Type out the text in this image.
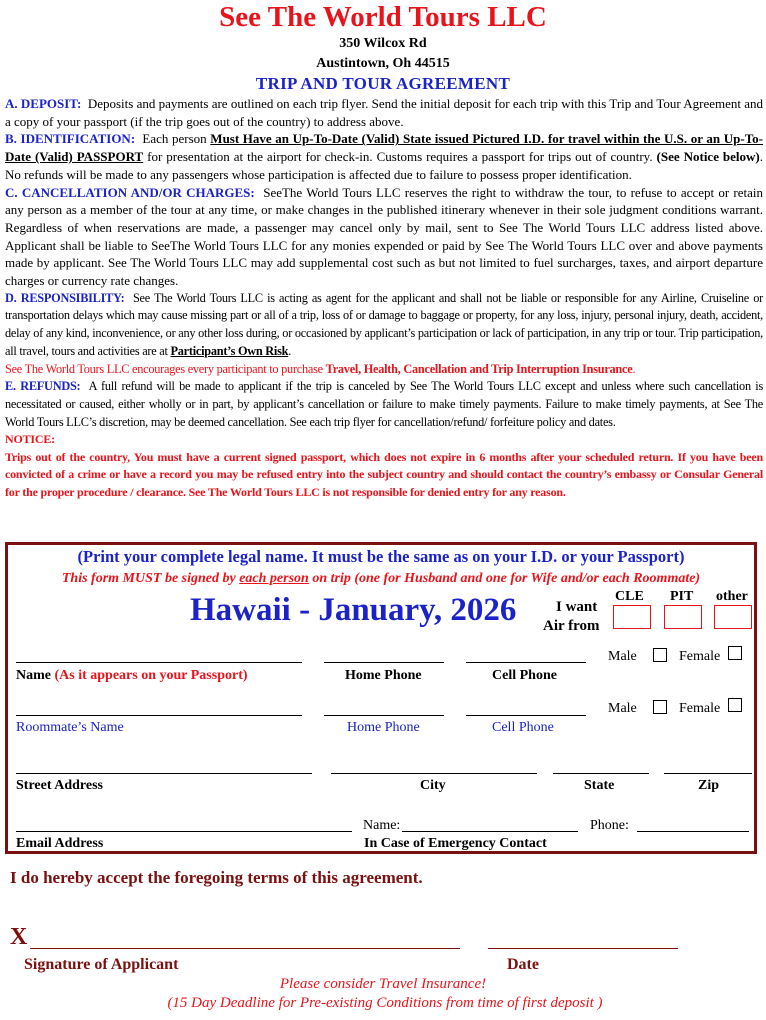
See The World Tours LLC
350 Wilcox Rd
Austintown, Oh 44515
TRIP AND TOUR AGREEMENT

A. DEPOSIT: Deposits and payments are outlined on each trip flyer. Send the initial deposit for each trip with this Trip and Tour Agreement and a copy of your passport (if the trip goes out of the country) to address above.

B. IDENTIFICATION: Each person Must Have an Up-To-Date (Valid) State issued Pictured I.D. for travel within the U.S. or an Up-To-Date (Valid) PASSPORT for presentation at the airport for check-in. Customs requires a passport for trips out of country. (See Notice below). No refunds will be made to any passengers whose participation is affected due to failure to possess proper identification.

C. CANCELLATION AND/OR CHARGES: SeeThe World Tours LLC reserves the right to withdraw the tour, to refuse to accept or retain any person as a member of the tour at any time, or make changes in the published itinerary whenever in their sole judgment conditions warrant. Regardless of when reservations are made, a passenger may cancel only by mail, sent to See The World Tours LLC address listed above. Applicant shall be liable to SeeThe World Tours LLC for any monies expended or paid by See The World Tours LLC over and above payments made by applicant. See The World Tours LLC may add supplemental cost such as but not limited to fuel surcharges, taxes, and airport departure charges or currency rate changes.

D. RESPONSIBILITY: See The World Tours LLC is acting as agent for the applicant and shall not be liable or responsible for any Airline, Cruiseline or transportation delays which may cause missing part or all of a trip, loss of or damage to baggage or property, for any loss, injury, personal injury, death, accident, delay of any kind, inconvenience, or any other loss during, or occasioned by applicant’s participation or lack of participation, in any trip or tour. Trip participation, all travel, tours and activities are at Participant’s Own Risk.

See The World Tours LLC encourages every participant to purchase Travel, Health, Cancellation and Trip Interruption Insurance.

E. REFUNDS: A full refund will be made to applicant if the trip is canceled by See The World Tours LLC except and unless where such cancellation is necessitated or caused, either wholly or in part, by applicant’s cancellation or failure to make timely payments. Failure to make timely payments, at See The World Tours LLC’s discretion, may be deemed cancellation. See each trip flyer for cancellation/refund/ forfeiture policy and dates.

NOTICE:
Trips out of the country, You must have a current signed passport, which does not expire in 6 months after your scheduled return. If you have been convicted of a crime or have a record you may be refused entry into the subject country and should contact the country’s embassy or Consular General for the proper procedure / clearance. See The World Tours LLC is not responsible for denied entry for any reason.

(Print your complete legal name. It must be the same as on your I.D. or your Passport)
This form MUST be signed by each person on trip (one for Husband and one for Wife and/or each Roommate)
Hawaii - January, 2026	I want
Air from
CLE PIT other
Male	Female
Name (As it appears on your Passport)	Home Phone	Cell Phone
Male	Female
Roommate’s Name	Home Phone	Cell Phone
Street Address	City	State	Zip
Name:	Phone:
Email Address	In Case of Emergency Contact
I do hereby accept the foregoing terms of this agreement.
X
Signature of Applicant	Date
Please consider Travel Insurance!
(15 Day Deadline for Pre-existing Conditions from time of first deposit )
